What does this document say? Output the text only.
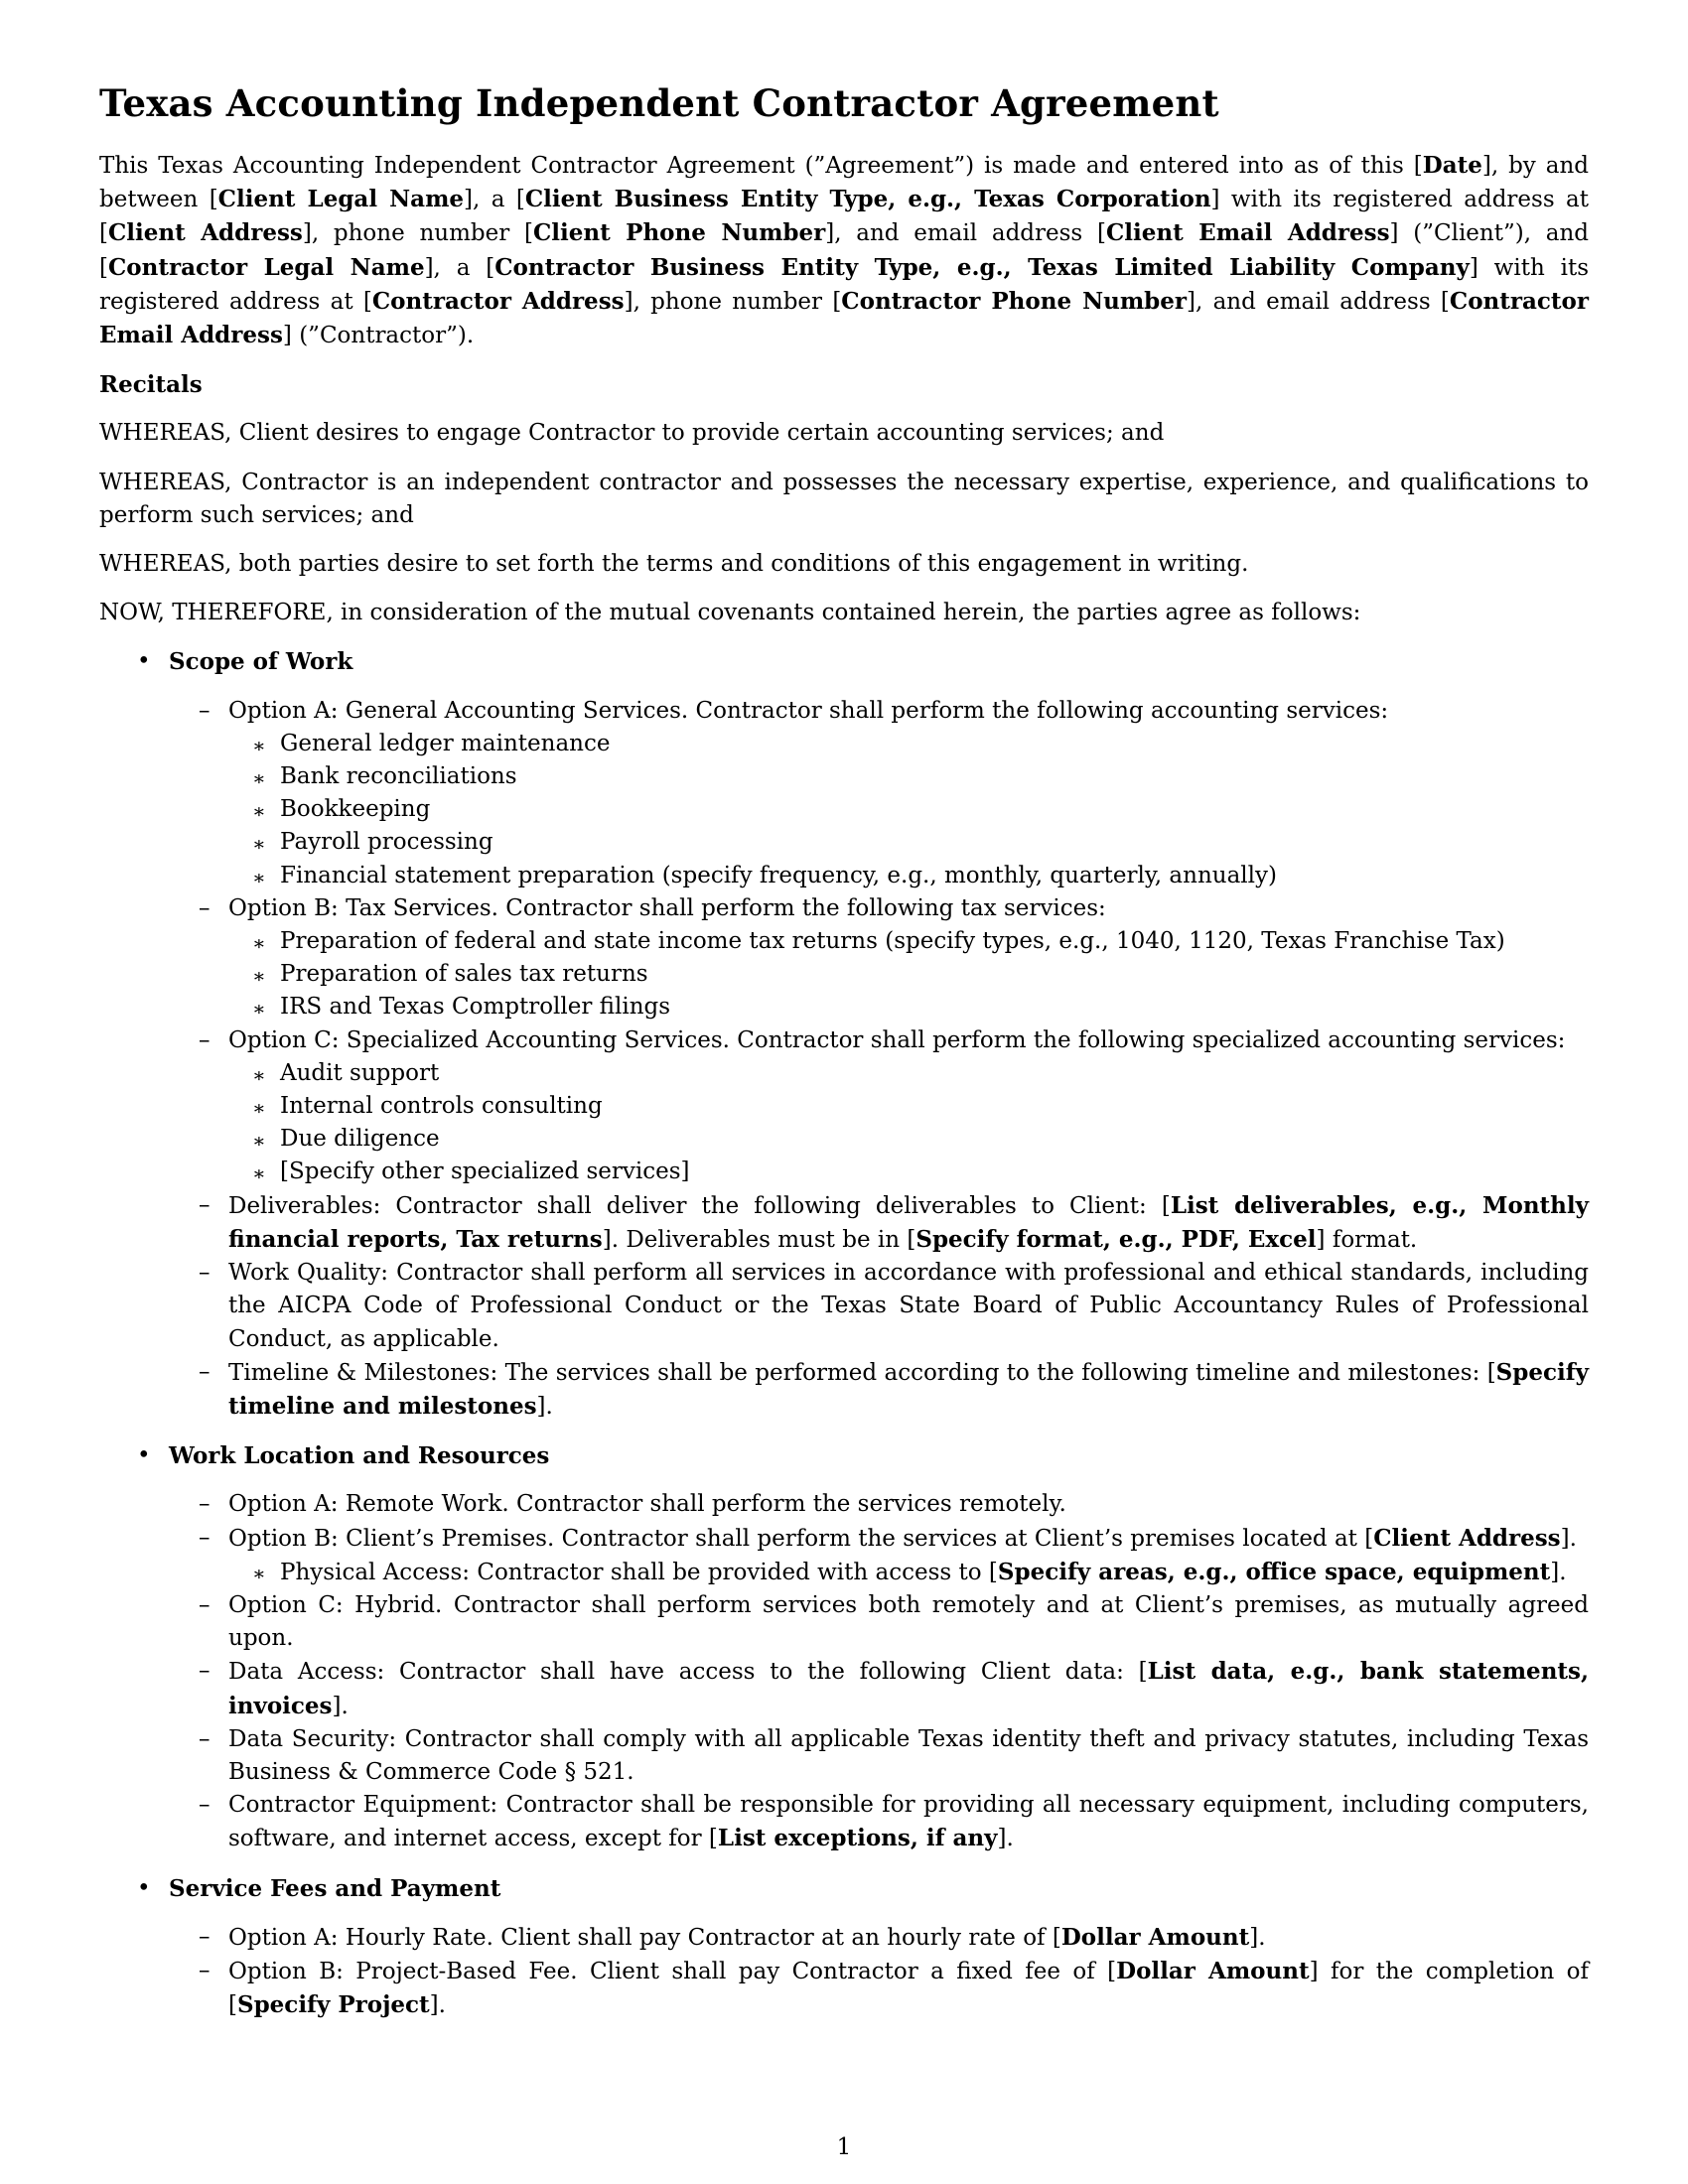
Texas Accounting Independent Contractor Agreement

This Texas Accounting Independent Contractor Agreement (”Agreement”) is made and entered into as of this [Date], by and between [Client Legal Name], a [Client Business Entity Type, e.g., Texas Corporation] with its registered address at [Client Address], phone number [Client Phone Number], and email address [Client Email Address] (”Client”), and [Contractor Legal Name], a [Contractor Business Entity Type, e.g., Texas Limited Liability Company] with its registered address at [Contractor Address], phone number [Contractor Phone Number], and email address [Contractor Email Address] (”Contractor”).

Recitals

WHEREAS, Client desires to engage Contractor to provide certain accounting services; and

WHEREAS, Contractor is an independent contractor and possesses the necessary expertise, experience, and qualifications to perform such services; and

WHEREAS, both parties desire to set forth the terms and conditions of this engagement in writing.

NOW, THEREFORE, in consideration of the mutual covenants contained herein, the parties agree as follows:

• Scope of Work
– Option A: General Accounting Services. Contractor shall perform the following accounting services:
∗ General ledger maintenance
∗ Bank reconciliations
∗ Bookkeeping
∗ Payroll processing
∗ Financial statement preparation (specify frequency, e.g., monthly, quarterly, annually)
– Option B: Tax Services. Contractor shall perform the following tax services:
∗ Preparation of federal and state income tax returns (specify types, e.g., 1040, 1120, Texas Franchise Tax)
∗ Preparation of sales tax returns
∗ IRS and Texas Comptroller filings
– Option C: Specialized Accounting Services. Contractor shall perform the following specialized accounting services:
∗ Audit support
∗ Internal controls consulting
∗ Due diligence
∗ [Specify other specialized services]
– Deliverables: Contractor shall deliver the following deliverables to Client: [List deliverables, e.g., Monthly financial reports, Tax returns]. Deliverables must be in [Specify format, e.g., PDF, Excel] format.
– Work Quality: Contractor shall perform all services in accordance with professional and ethical standards, including the AICPA Code of Professional Conduct or the Texas State Board of Public Accountancy Rules of Professional Conduct, as applicable.
– Timeline & Milestones: The services shall be performed according to the following timeline and milestones: [Specify timeline and milestones].
• Work Location and Resources
– Option A: Remote Work. Contractor shall perform the services remotely.
– Option B: Client’s Premises. Contractor shall perform the services at Client’s premises located at [Client Address].
∗ Physical Access: Contractor shall be provided with access to [Specify areas, e.g., office space, equipment].
– Option C: Hybrid. Contractor shall perform services both remotely and at Client’s premises, as mutually agreed upon.
– Data Access: Contractor shall have access to the following Client data: [List data, e.g., bank statements, invoices].
– Data Security: Contractor shall comply with all applicable Texas identity theft and privacy statutes, including Texas Business & Commerce Code § 521.
– Contractor Equipment: Contractor shall be responsible for providing all necessary equipment, including computers, software, and internet access, except for [List exceptions, if any].
• Service Fees and Payment
– Option A: Hourly Rate. Client shall pay Contractor at an hourly rate of [Dollar Amount].
– Option B: Project-Based Fee. Client shall pay Contractor a fixed fee of [Dollar Amount] for the completion of [Specify Project].
1
